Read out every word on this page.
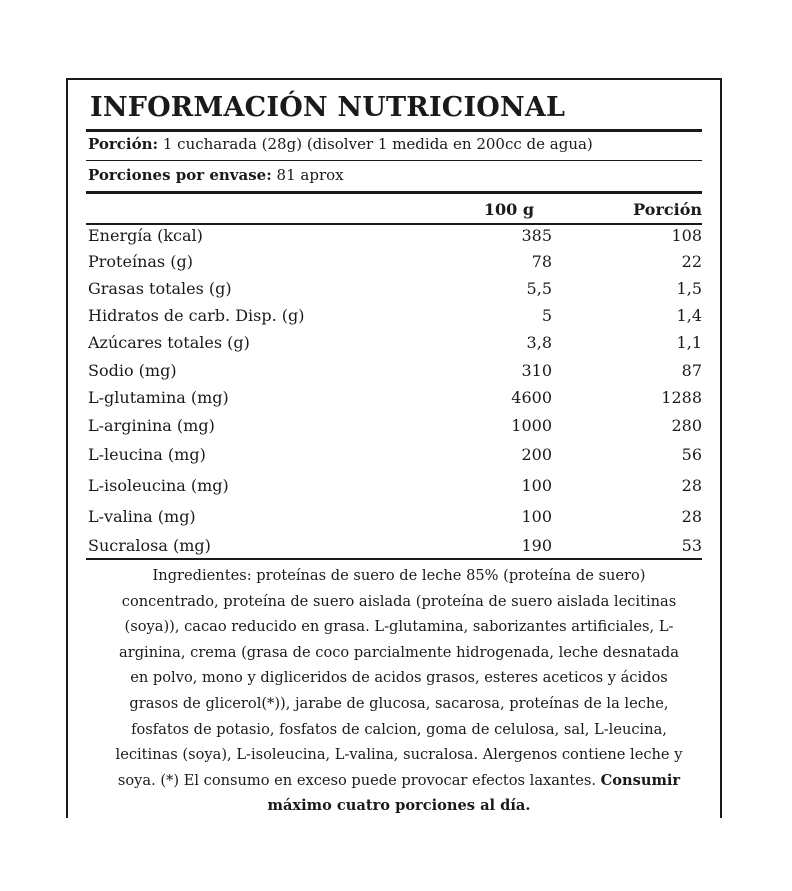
INFORMACIÓN NUTRICIONAL
Porción: 1 cucharada (28g) (disolver 1 medida en 200cc de agua)
Porciones por envase: 81 aprox
100 g	Porción
Energía (kcal)	385	108
Proteínas (g)	78	22
Grasas totales (g)	5,5	1,5
Hidratos de carb. Disp. (g)	5	1,4
Azúcares totales (g)	3,8	1,1
Sodio (mg)	310	87
L-glutamina (mg)	4600	1288
L-arginina (mg)	1000	280
L-leucina (mg)	200	56
L-isoleucina (mg)	100	28
L-valina (mg)	100	28
Sucralosa (mg)	190	53
Ingredientes: proteínas de suero de leche 85% (proteína de suero)
concentrado, proteína de suero aislada (proteína de suero aislada lecitinas
(soya)), cacao reducido en grasa. L-glutamina, saborizantes artificiales, L-
arginina, crema (grasa de coco parcialmente hidrogenada, leche desnatada
en polvo, mono y diglicеridos de acidos grasos, esteres aceticos y ácidos
grasos de glicerol(*)), jarabe de glucosa, sacarosa, proteínas de la leche,
fosfatos de potasio, fosfatos de calcion, goma de celulosa, sal, L-leucina,
lecitinas (soya), L-isoleucina, L-valina, sucralosa. Alergenos contiene leche y
soya. (*) El consumo en exceso puede provocar efectos laxantes. Consumir
máximo cuatro porciones al día.
